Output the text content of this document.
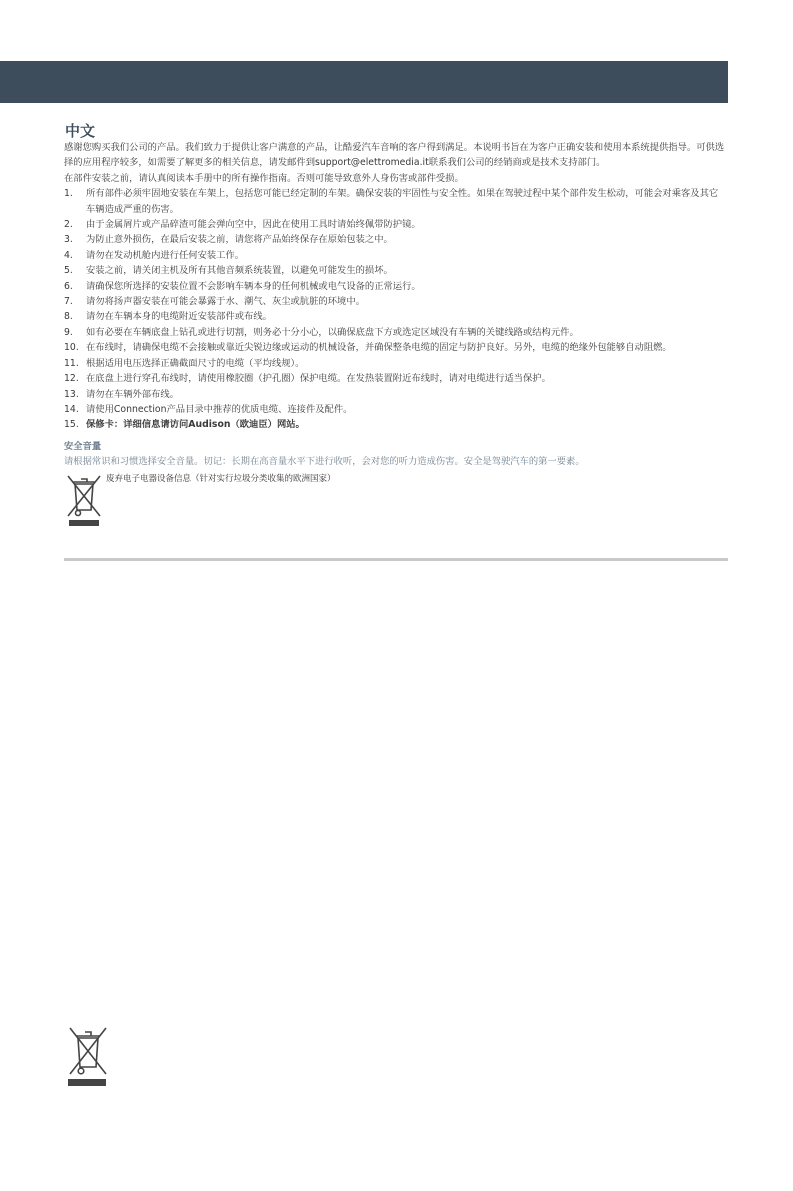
中文

感谢您购买我们公司的产品。我们致力于提供让客户满意的产品，让酷爱汽车音响的客户得到满足。本说明书旨在为客户正确安装和使用本系统提供指导。可供选择的应用程序较多，如需要了解更多的相关信息，请发邮件到support@elettromedia.it联系我们公司的经销商或是技术支持部门。

在部件安装之前，请认真阅读本手册中的所有操作指南。否则可能导致意外人身伤害或部件受损。

1. 所有部件必须牢固地安装在车架上，包括您可能已经定制的车架。确保安装的牢固性与安全性。如果在驾驶过程中某个部件发生松动，可能会对乘客及其它车辆造成严重的伤害。
2. 由于金属屑片或产品碎渣可能会弹向空中，因此在使用工具时请始终佩带防护镜。
3. 为防止意外损伤，在最后安装之前，请您将产品始终保存在原始包装之中。
4. 请勿在发动机舱内进行任何安装工作。
5. 安装之前，请关闭主机及所有其他音频系统装置，以避免可能发生的损坏。
6. 请确保您所选择的安装位置不会影响车辆本身的任何机械或电气设备的正常运行。
7. 请勿将扬声器安装在可能会暴露于水、潮气、灰尘或肮脏的环境中。
8. 请勿在车辆本身的电缆附近安装部件或布线。
9. 如有必要在车辆底盘上钻孔或进行切割，则务必十分小心，以确保底盘下方或选定区域没有车辆的关键线路或结构元件。
10. 在布线时，请确保电缆不会接触或靠近尖锐边缘或运动的机械设备，并确保整条电缆的固定与防护良好。另外，电缆的绝缘外包能够自动阻燃。
11. 根据适用电压选择正确截面尺寸的电缆（平均线规）。
12. 在底盘上进行穿孔布线时，请使用橡胶圈（护孔圈）保护电缆。在发热装置附近布线时，请对电缆进行适当保护。
13. 请勿在车辆外部布线。
14. 请使用Connection产品目录中推荐的优质电缆、连接件及配件。
15. 保修卡：详细信息请访问Audison（欧迪臣）网站。

安全音量

请根据常识和习惯选择安全音量。切记：长期在高音量水平下进行收听，会对您的听力造成伤害。安全是驾驶汽车的第一要素。

废弃电子电器设备信息（针对实行垃圾分类收集的欧洲国家）
